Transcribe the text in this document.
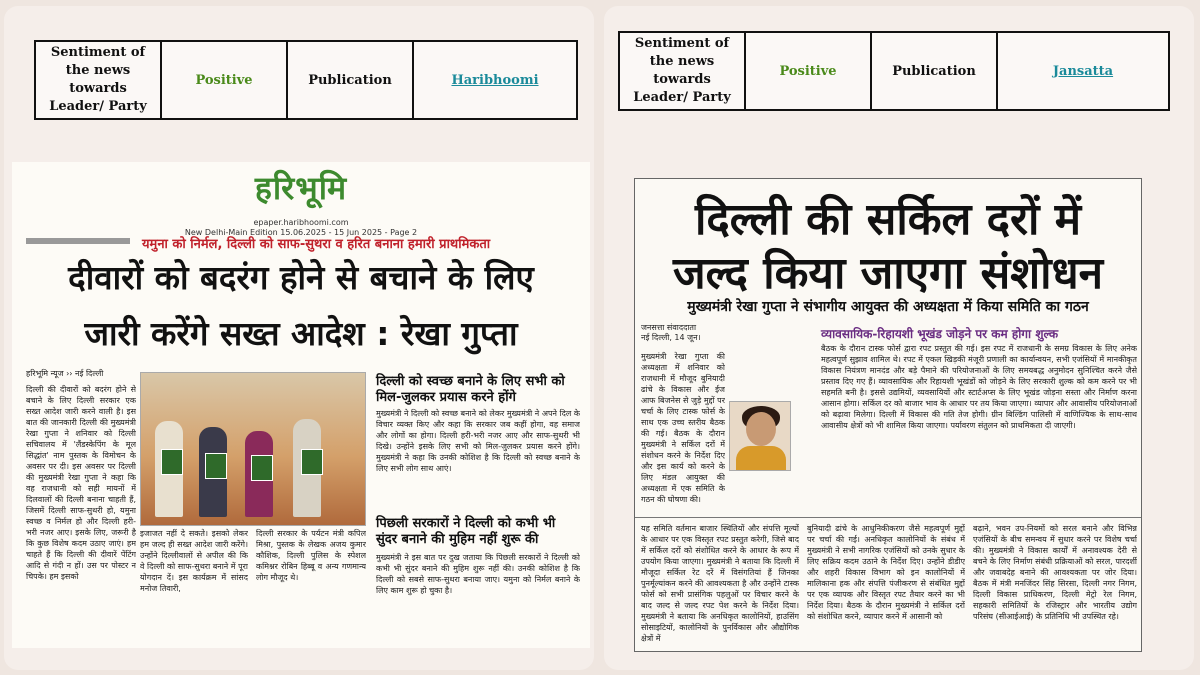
Sentiment of the news towards Leader/ Party	Positive	Publication	Haribhoomi
हरिभूमि
epaper.haribhoomi.com
New Delhi-Main Edition 15.06.2025 - 15 Jun 2025 - Page 2
यमुना को निर्मल, दिल्ली को साफ-सुथरा व हरित बनाना हमारी प्राथमिकता
दीवारों को बदरंग होने से बचाने के लिए
जारी करेंगे सख्त आदेश : रेखा गुप्ता
हरिभूमि न्यूज ›› नई दिल्ली
दिल्ली की दीवारों को बदरंग होने से बचाने के लिए दिल्ली सरकार एक सख्त आदेश जारी करने वाली है। इस बात की जानकारी दिल्ली की मुख्यमंत्री रेखा गुप्ता ने शनिवार को दिल्ली सचिवालय में 'लैंडस्केपिंग के मूल सिद्धांत' नाम पुस्तक के विमोचन के अवसर पर दी। इस अवसर पर दिल्ली की मुख्यमंत्री रेखा गुप्ता ने कहा कि वह राजधानी को सही मायनों में दिलवालों की दिल्ली बनाना चाहती हैं, जिसमें दिल्ली साफ-सुथरी हो, यमुना स्वच्छ व निर्मल हो और दिल्ली हरी-भरी नजर आए। इसके लिए, जरूरी है कि कुछ विशेष कदम उठाए जाएं। हम चाहते हैं कि दिल्ली की दीवारें पेंटिंग आदि से गंदी न हों। उस पर पोस्टर न चिपके। हम इसको
इजाजत नहीं दे सकते। इसको लेकर हम जल्द ही सख्त आदेश जारी करेंगे। उन्होंने दिल्लीवालों से अपील की कि वे दिल्ली को साफ-सुथरा बनाने में पूरा योगदान दें। इस कार्यक्रम में सांसद मनोज तिवारी,
दिल्ली सरकार के पर्यटन मंत्री कपिल मिश्रा, पुस्तक के लेखक अजय कुमार कौशिक, दिल्ली पुलिस के स्पेशल कमिश्नर रोबिन हिब्बू व अन्य गणमान्य लोग मौजूद थे।
दिल्ली को स्वच्छ बनाने के लिए सभी को मिल-जुलकर प्रयास करने होंगे
मुख्यमंत्री ने दिल्ली को स्वच्छ बनाने को लेकर मुख्यमंत्री ने अपने दिल के विचार व्यक्त किए और कहा कि सरकार जब कहीं होगा, वह समाज और लोगों का होगा। दिल्ली हरी-भरी नजर आए और साफ-सुथरी भी दिखे। उन्होंने इसके लिए सभी को मिल-जुलकर प्रयास करने होंगे। मुख्यमंत्री ने कहा कि उनकी कोशिश है कि दिल्ली को स्वच्छ बनाने के लिए सभी लोग साथ आएं।
पिछली सरकारों ने दिल्ली को कभी भी सुंदर बनाने की मुहिम नहीं शुरू की
मुख्यमंत्री ने इस बात पर दुख जताया कि पिछली सरकारों ने दिल्ली को कभी भी सुंदर बनाने की मुहिम शुरू नहीं की। उनकी कोशिश है कि दिल्ली को सबसे साफ-सुथरा बनाया जाए। यमुना को निर्मल बनाने के लिए काम शुरू हो चुका है।
Sentiment of the news towards Leader/ Party	Positive	Publication	Jansatta
दिल्ली की सर्किल दरों में
जल्द किया जाएगा संशोधन
मुख्यमंत्री रेखा गुप्ता ने संभागीय आयुक्त की अध्यक्षता में किया समिति का गठन
जनसत्ता संवाददाता
नई दिल्ली, 14 जून।	व्यावसायिक-रिहायशी भूखंड जोड़ने पर कम होगा शुल्क
मुख्यमंत्री रेखा गुप्ता की अध्यक्षता में शनिवार को राजधानी में मौजूद बुनियादी ढांचे के विकास और ईज आफ बिजनेस से जुड़े मुद्दों पर चर्चा के लिए टास्क फोर्स के साथ एक उच्च स्तरीय बैठक की गई। बैठक के दौरान मुख्यमंत्री ने सर्किल दरों में संशोधन करने के निर्देश दिए और इस कार्य को करने के लिए मंडल आयुक्त की अध्यक्षता में एक समिति के गठन की घोषणा की।
बैठक के दौरान टास्क फोर्स द्वारा रपट प्रस्तुत की गई। इस रपट में राजधानी के समग्र विकास के लिए अनेक महत्वपूर्ण सुझाव शामिल थे। रपट में एकल खिड़की मंजूरी प्रणाली का कार्यान्वयन, सभी एजंसियों में मानकीकृत विकास नियंत्रण मानदंड और बड़े पैमाने की परियोजनाओं के लिए समयबद्ध अनुमोदन सुनिश्चित करने जैसे प्रस्ताव दिए गए हैं। व्यावसायिक और रिहायशी भूखंडों को जोड़ने के लिए सरकारी शुल्क को कम करने पर भी सहमति बनी है। इससे उद्यमियों, व्यवसायियों और स्टार्टअप्स के लिए भूखंड जोड़ना सस्ता और निर्माण करना आसान होगा। सर्किल दर को बाजार भाव के आधार पर तय किया जाएगा। व्यापार और आवासीय परियोजनाओं को बढ़ावा मिलेगा। दिल्ली में विकास की गति तेज होगी। ग्रीन बिल्डिंग पालिसी में वाणिज्यिक के साथ-साथ आवासीय क्षेत्रों को भी शामिल किया जाएगा। पर्यावरण संतुलन को प्राथमिकता दी जाएगी।
यह समिति वर्तमान बाजार स्थितियों और संपत्ति मूल्यों के आधार पर एक विस्तृत रपट प्रस्तुत करेगी, जिसे बाद में सर्किल दरों को संशोधित करने के आधार के रूप में उपयोग किया जाएगा। मुख्यमंत्री ने बताया कि दिल्ली में मौजूदा सर्किल रेट दरें में विसंगतियां हैं जिनका पुनर्मूल्यांकन करने की आवश्यकता है और उन्होंने टास्क फोर्स को सभी प्रासंगिक पहलुओं पर विचार करने के बाद जल्द से जल्द रपट पेश करने के निर्देश दिया। मुख्यमंत्री ने बताया कि अनधिकृत कालोनियों, हाउसिंग सोसाइटियों, कालोनियों के पुनर्विकास और औद्योगिक क्षेत्रों में
बुनियादी ढांचे के आधुनिकीकरण जैसे महत्वपूर्ण मुद्दों पर चर्चा की गई। अनधिकृत कालोनियों के संबंध में मुख्यमंत्री ने सभी नागरिक एजंसियों को उनके सुधार के लिए सक्रिय कदम उठाने के निर्देश दिए। उन्होंने डीडीए और शहरी विकास विभाग को इन कालोनियों में मालिकाना हक और संपत्ति पंजीकरण से संबंधित मुद्दों पर एक व्यापक और विस्तृत रपट तैयार करने का भी निर्देश दिया। बैठक के दौरान मुख्यमंत्री ने सर्किल दरों को संशोधित करने, व्यापार करने में आसानी को
बढ़ाने, भवन उप-नियमों को सरल बनाने और विभिन्न एजंसियों के बीच समन्वय में सुधार करने पर विशेष चर्चा की। मुख्यमंत्री ने विकास कार्यों में अनावश्यक देरी से बचने के लिए निर्माण संबंधी प्रक्रियाओं को सरल, पारदर्शी और जवाबदेह बनाने की आवश्यकता पर जोर दिया। बैठक में मंत्री मनजिंदर सिंह सिरसा, दिल्ली नगर निगम, दिल्ली विकास प्राधिकरण, दिल्ली मेट्रो रेल निगम, सहकारी समितियों के रजिस्ट्रार और भारतीय उद्योग परिसंघ (सीआईआई) के प्रतिनिधि भी उपस्थित रहे।
